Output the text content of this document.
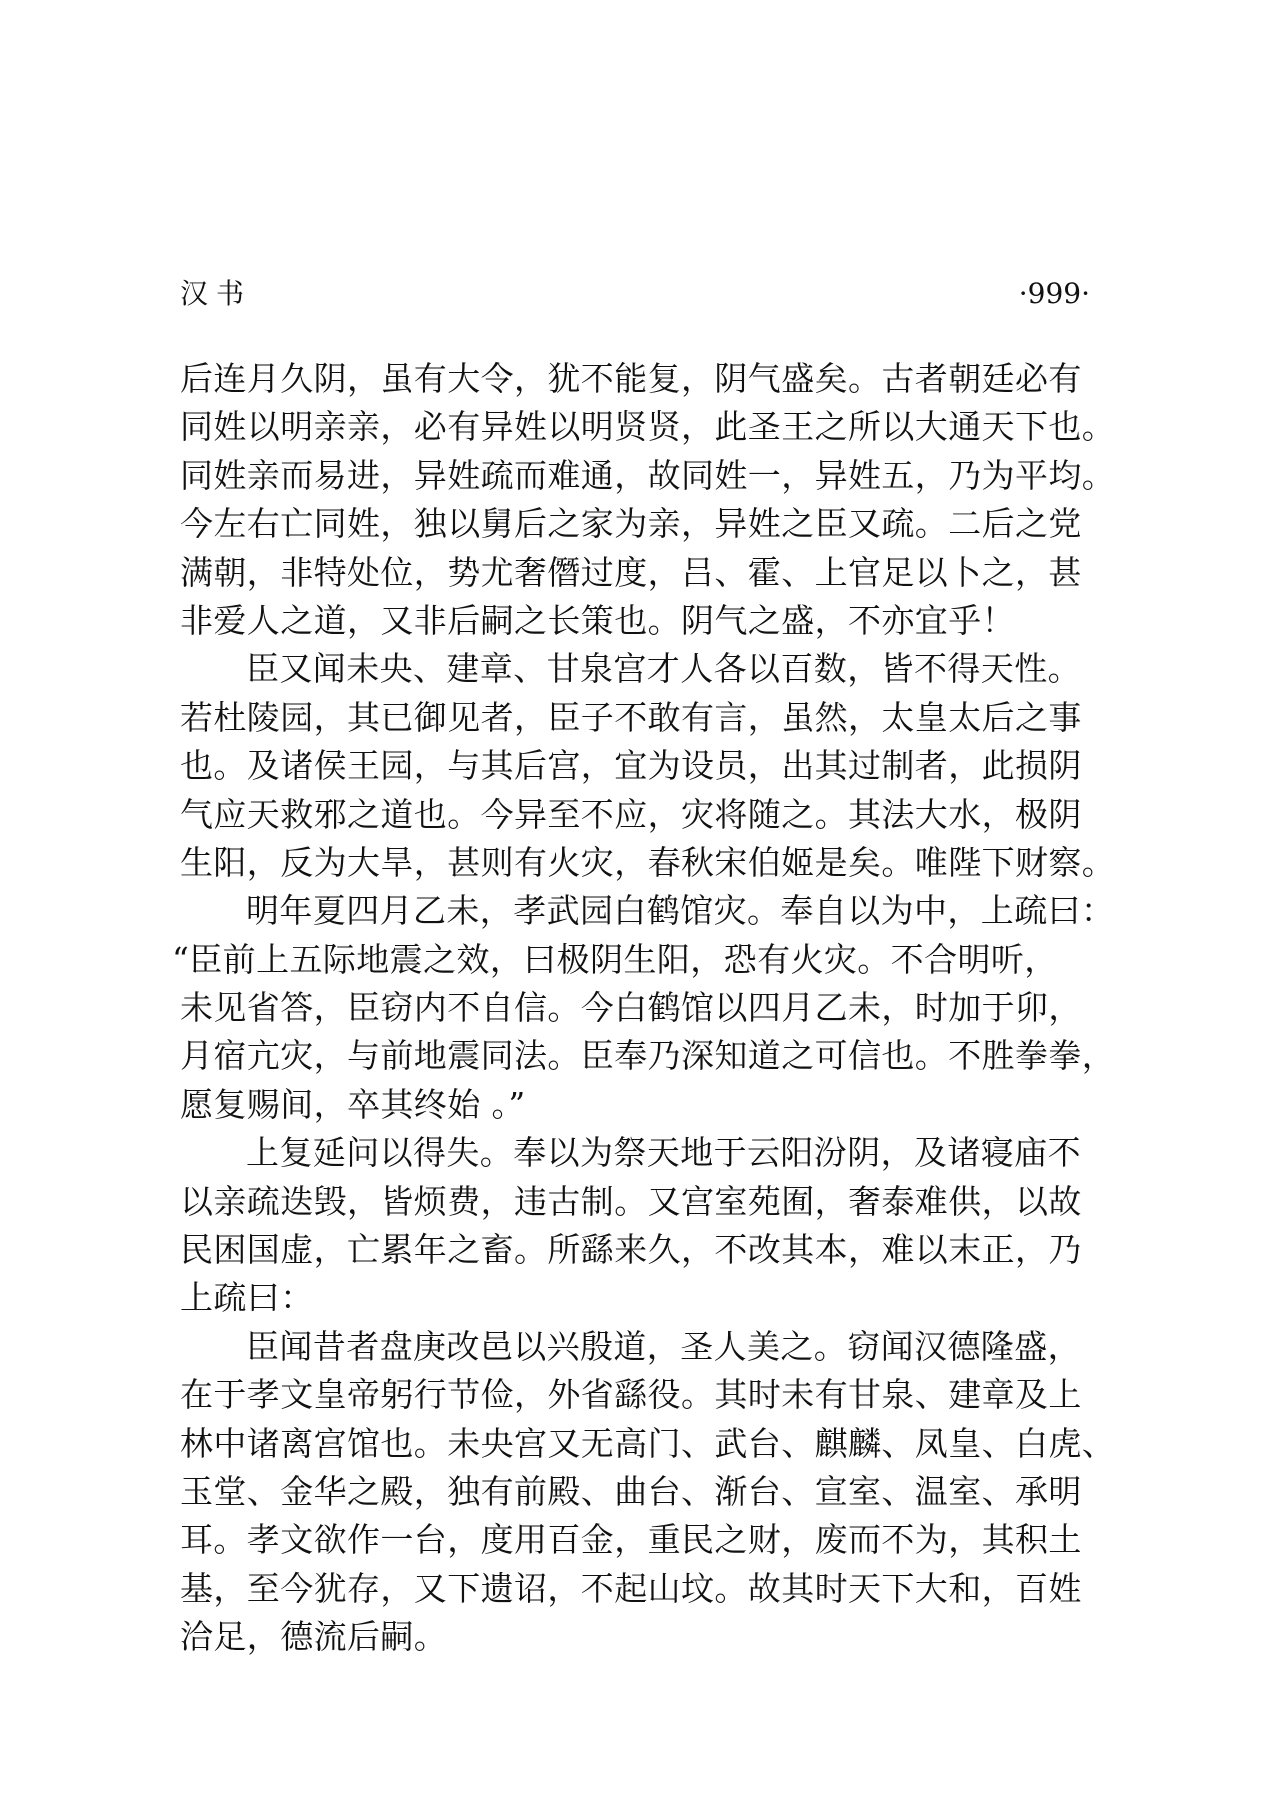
汉书	·999·
后连月久阴，虽有大令，犹不能复，阴气盛矣。古者朝廷必有
同姓以明亲亲，必有异姓以明贤贤，此圣王之所以大通天下也。
同姓亲而易进，异姓疏而难通，故同姓一，异姓五，乃为平均。
今左右亡同姓，独以舅后之家为亲，异姓之臣又疏。二后之党
满朝，非特处位，势尤奢僭过度，吕、霍、上官足以卜之，甚
非爱人之道，又非后嗣之长策也。阴气之盛，不亦宜乎！
臣又闻未央、建章、甘泉宫才人各以百数，皆不得天性。
若杜陵园，其已御见者，臣子不敢有言，虽然，太皇太后之事
也。及诸侯王园，与其后宫，宜为设员，出其过制者，此损阴
气应天救邪之道也。今异至不应，灾将随之。其法大水，极阴
生阳，反为大旱，甚则有火灾，春秋宋伯姬是矣。唯陛下财察。
明年夏四月乙未，孝武园白鹤馆灾。奉自以为中，上疏曰：
“臣前上五际地震之效，曰极阴生阳，恐有火灾。不合明听，
未见省答，臣窃内不自信。今白鹤馆以四月乙未，时加于卯，
月宿亢灾，与前地震同法。臣奉乃深知道之可信也。不胜拳拳，
愿复赐间，卒其终始 。”
上复延问以得失。奉以为祭天地于云阳汾阴，及诸寝庙不
以亲疏迭毁，皆烦费，违古制。又宫室苑囿，奢泰难供，以故
民困国虚，亡累年之畜。所繇来久，不改其本，难以末正，乃
上疏曰：
臣闻昔者盘庚改邑以兴殷道，圣人美之。窃闻汉德隆盛，
在于孝文皇帝躬行节俭，外省繇役。其时未有甘泉、建章及上
林中诸离宫馆也。未央宫又无高门、武台、麒麟、凤皇、白虎、
玉堂、金华之殿，独有前殿、曲台、渐台、宣室、温室、承明
耳。孝文欲作一台，度用百金，重民之财，废而不为，其积土
基，至今犹存，又下遗诏，不起山坟。故其时天下大和，百姓
洽足，德流后嗣。
